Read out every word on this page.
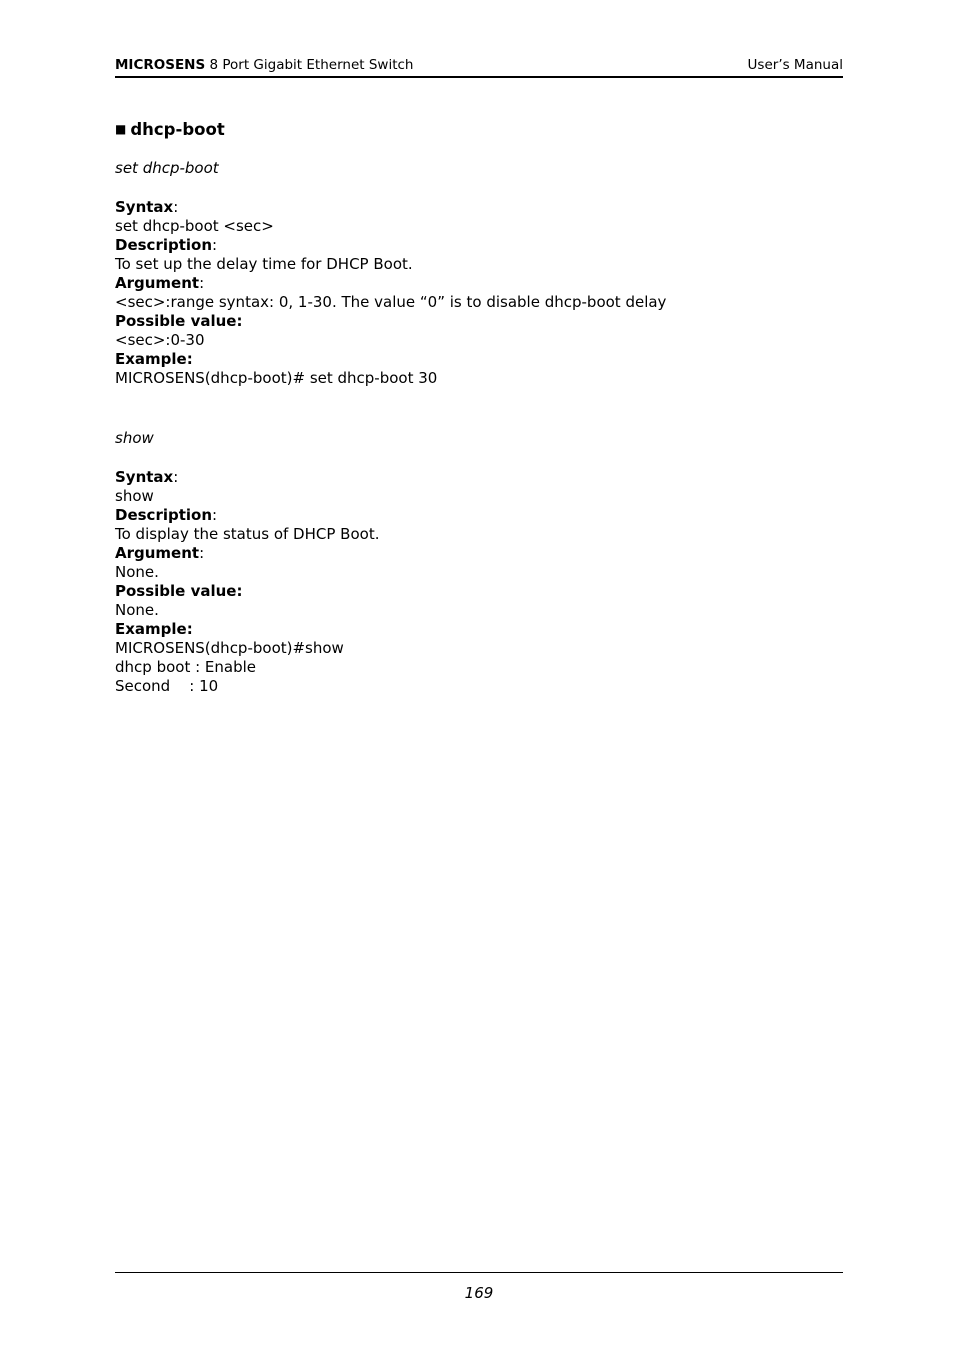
MICROSENS 8 Port Gigabit Ethernet Switch	User’s Manual
■ dhcp-boot
set dhcp-boot
Syntax:
set dhcp-boot <sec>
Description:
To set up the delay time for DHCP Boot.
Argument:
<sec>:range syntax: 0, 1-30. The value “0” is to disable dhcp-boot delay
Possible value:
<sec>:0-30
Example:
MICROSENS(dhcp-boot)# set dhcp-boot 30
show
Syntax:
show
Description:
To display the status of DHCP Boot.
Argument:
None.
Possible value:
None.
Example:
MICROSENS(dhcp-boot)#show
dhcp boot : Enable
Second    : 10
169
